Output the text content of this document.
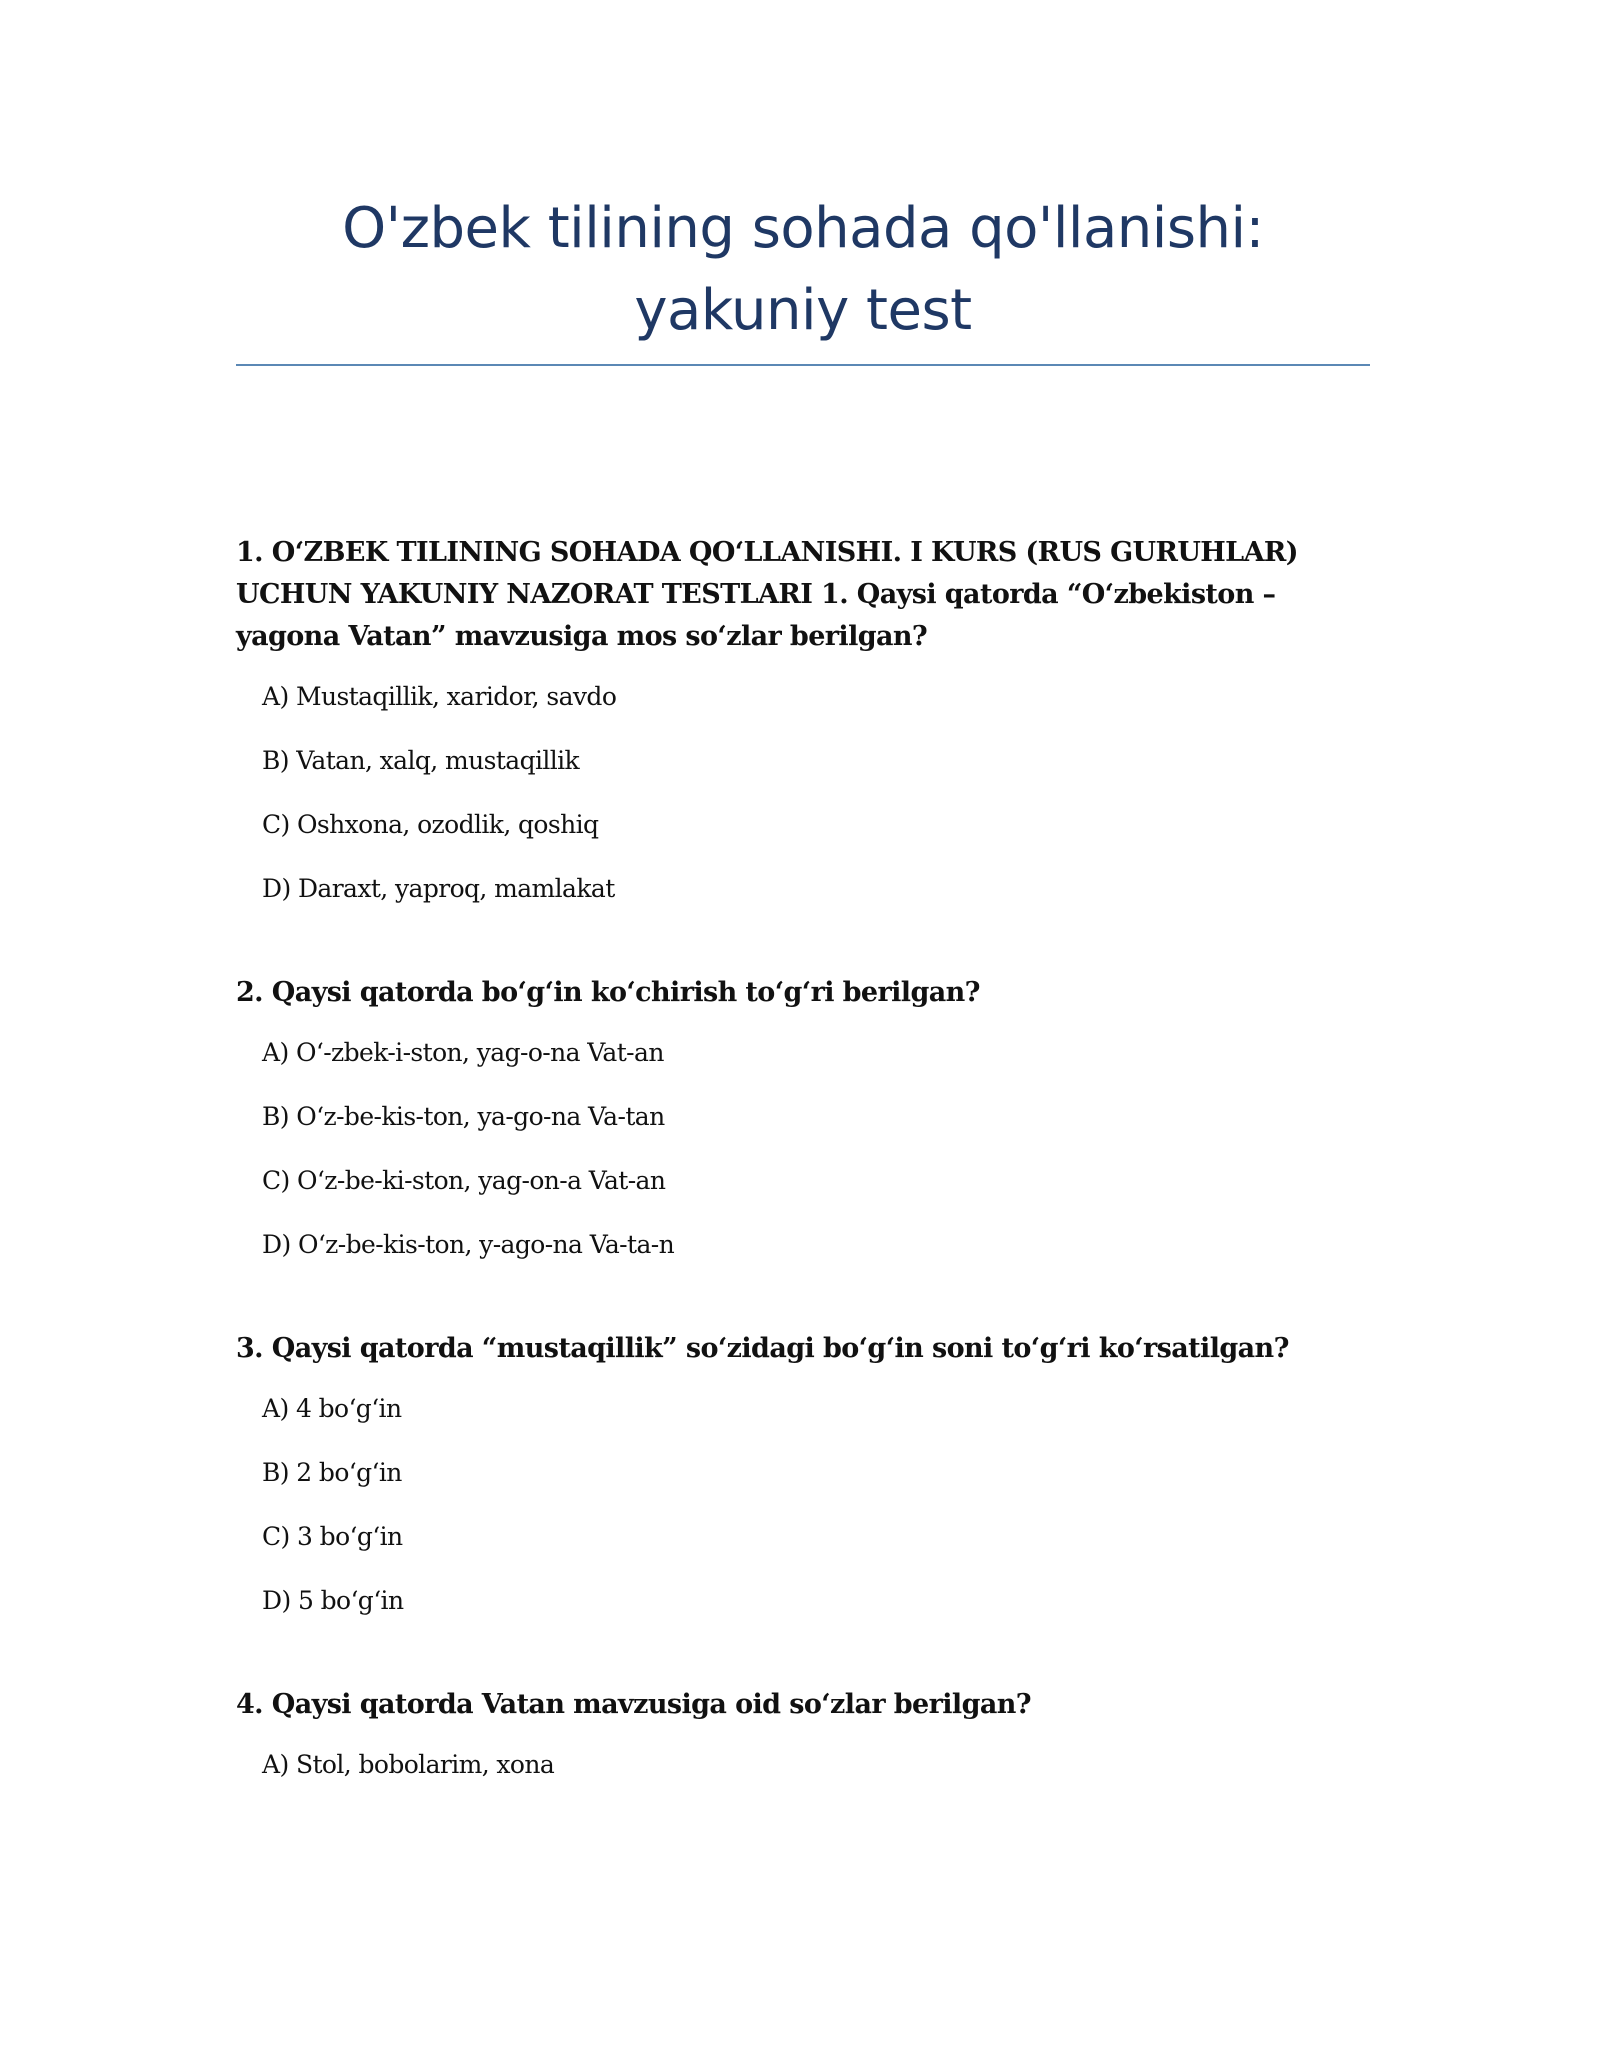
O'zbek tilining sohada qo'llanishi:
yakuniy test

1. O‘ZBEK TILINING SOHADA QO‘LLANISHI. I KURS (RUS GURUHLAR) UCHUN YAKUNIY NAZORAT TESTLARI 1. Qaysi qatorda “O‘zbekiston – yagona Vatan” mavzusiga mos so‘zlar berilgan?

A) Mustaqillik, xaridor, savdo
B) Vatan, xalq, mustaqillik
C) Oshxona, ozodlik, qoshiq
D) Daraxt, yaproq, mamlakat

2. Qaysi qatorda bo‘g‘in ko‘chirish to‘g‘ri berilgan?

A) O‘-zbek-i-ston, yag-o-na Vat-an
B) O‘z-be-kis-ton, ya-go-na Va-tan
C) O‘z-be-ki-ston, yag-on-a Vat-an
D) O‘z-be-kis-ton, y-ago-na Va-ta-n

3. Qaysi qatorda “mustaqillik” so‘zidagi bo‘g‘in soni to‘g‘ri ko‘rsatilgan?

A) 4 bo‘g‘in
B) 2 bo‘g‘in
C) 3 bo‘g‘in
D) 5 bo‘g‘in

4. Qaysi qatorda Vatan mavzusiga oid so‘zlar berilgan?

A) Stol, bobolarim, xona
